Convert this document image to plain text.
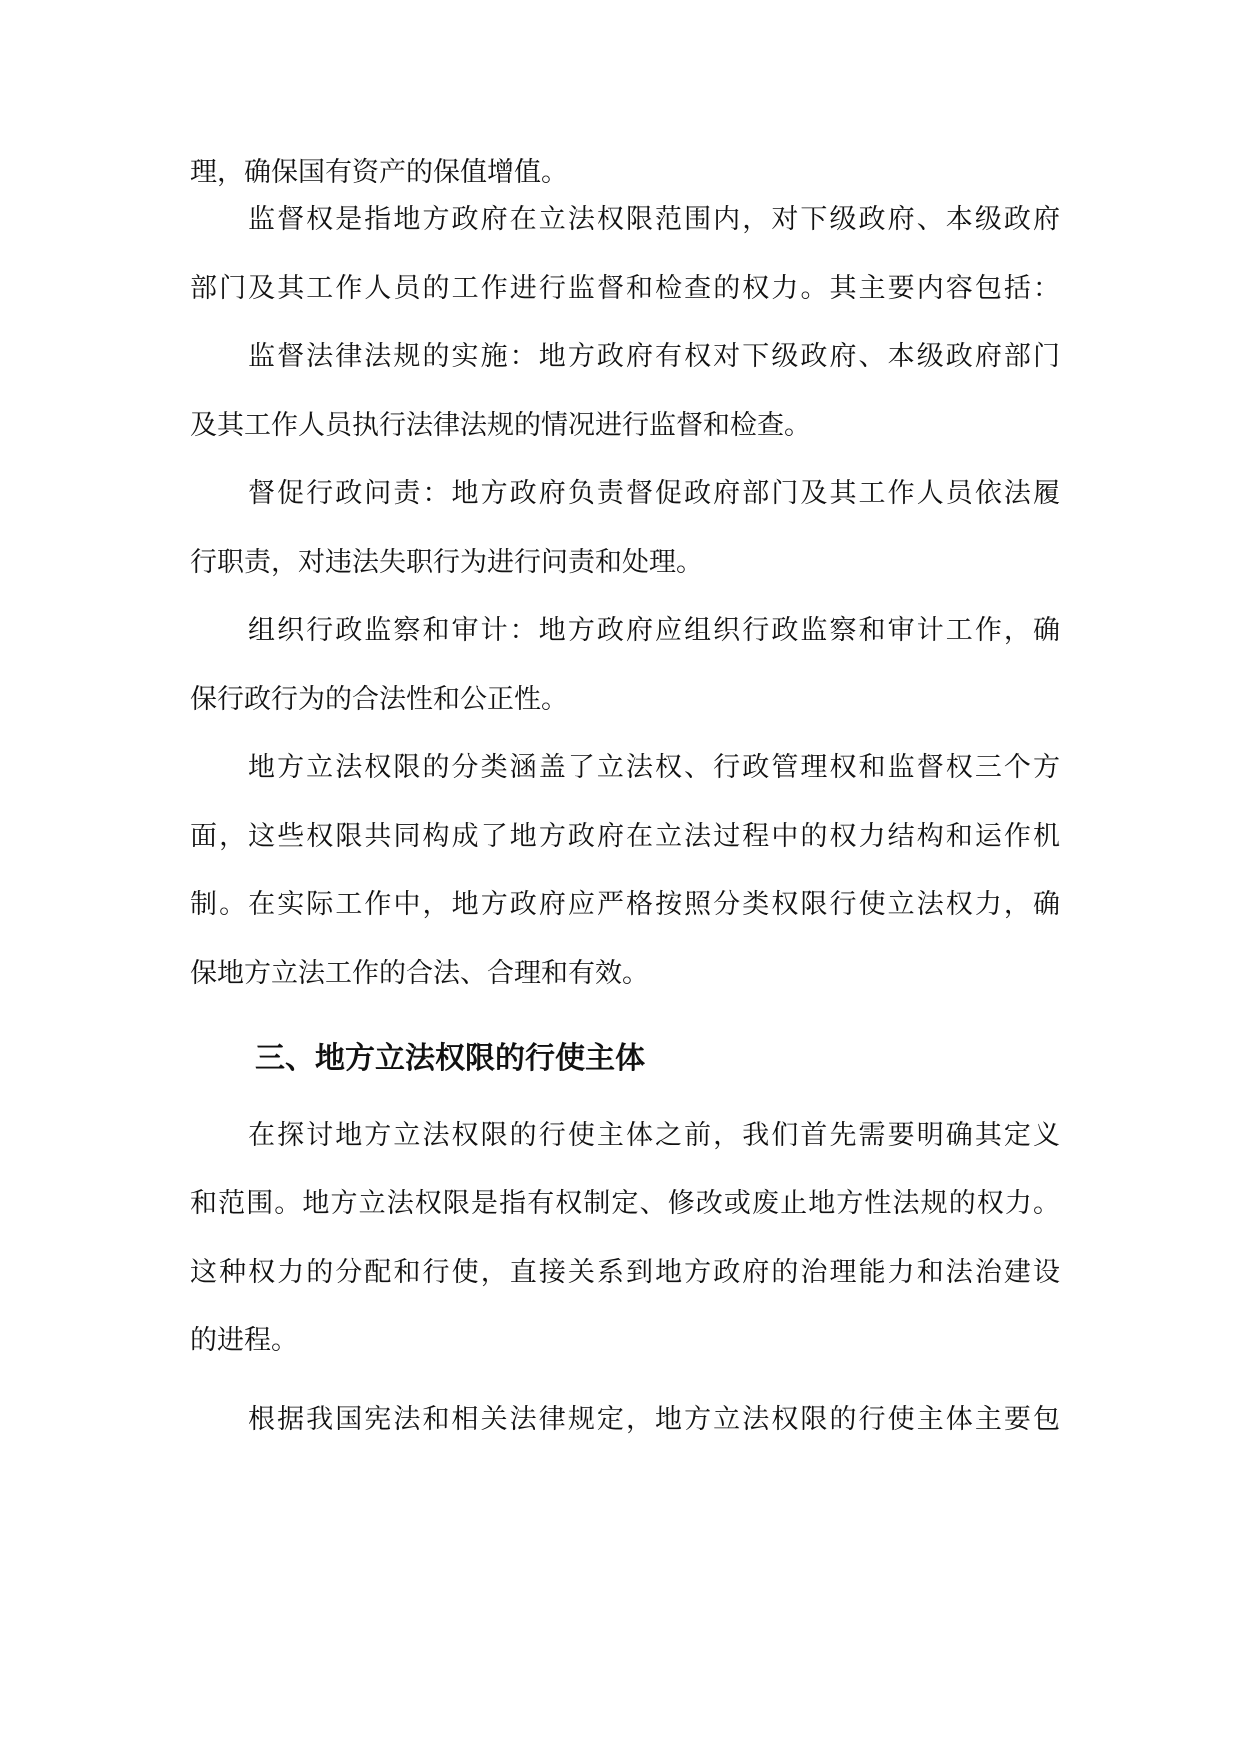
理，确保国有资产的保值增值。
监督权是指地方政府在立法权限范围内，对下级政府、本级政府
部门及其工作人员的工作进行监督和检查的权力。其主要内容包括：
监督法律法规的实施：地方政府有权对下级政府、本级政府部门
及其工作人员执行法律法规的情况进行监督和检查。
督促行政问责：地方政府负责督促政府部门及其工作人员依法履
行职责，对违法失职行为进行问责和处理。
组织行政监察和审计：地方政府应组织行政监察和审计工作，确
保行政行为的合法性和公正性。
地方立法权限的分类涵盖了立法权、行政管理权和监督权三个方
面，这些权限共同构成了地方政府在立法过程中的权力结构和运作机
制。在实际工作中，地方政府应严格按照分类权限行使立法权力，确
保地方立法工作的合法、合理和有效。
三、地方立法权限的行使主体
在探讨地方立法权限的行使主体之前，我们首先需要明确其定义
和范围。地方立法权限是指有权制定、修改或废止地方性法规的权力。
这种权力的分配和行使，直接关系到地方政府的治理能力和法治建设
的进程。
根据我国宪法和相关法律规定，地方立法权限的行使主体主要包
